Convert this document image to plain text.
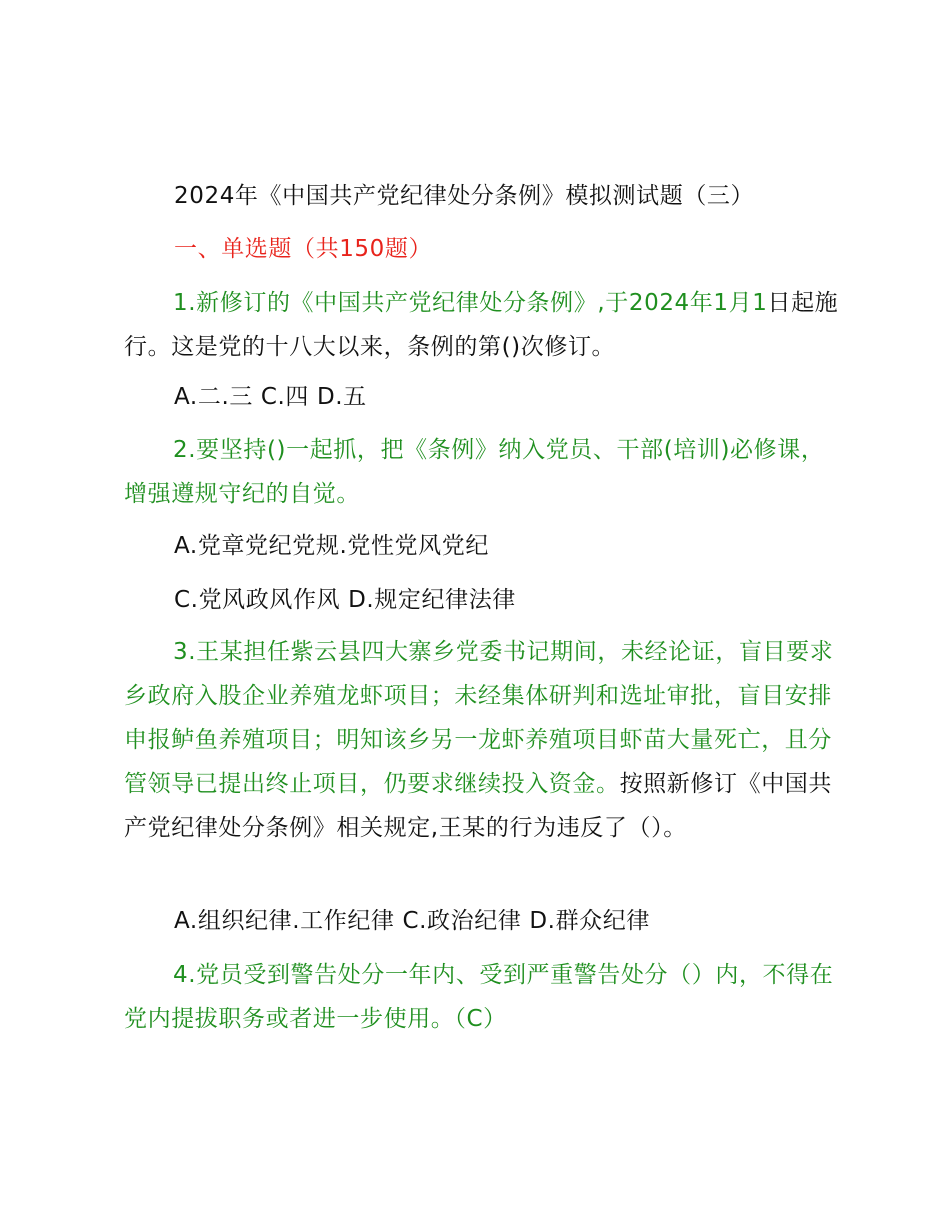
2024年《中国共产党纪律处分条例》模拟测试题（三）
一、单选题（共150题）
1.新修订的《中国共产党纪律处分条例》,于2024年1月1日起施行。这是党的十八大以来，条例的第()次修订。
A.二.三 C.四 D.五
2.要坚持()一起抓，把《条例》纳入党员、干部(培训)必修课，增强遵规守纪的自觉。
A.党章党纪党规.党性党风党纪
C.党风政风作风 D.规定纪律法律
3.王某担任紫云县四大寨乡党委书记期间，未经论证，盲目要求乡政府入股企业养殖龙虾项目；未经集体研判和选址审批，盲目安排申报鲈鱼养殖项目；明知该乡另一龙虾养殖项目虾苗大量死亡，且分管领导已提出终止项目，仍要求继续投入资金。按照新修订《中国共产党纪律处分条例》相关规定,王某的行为违反了（）。
A.组织纪律.工作纪律 C.政治纪律 D.群众纪律
4.党员受到警告处分一年内、受到严重警告处分（）内，不得在党内提拔职务或者进一步使用。（C）
